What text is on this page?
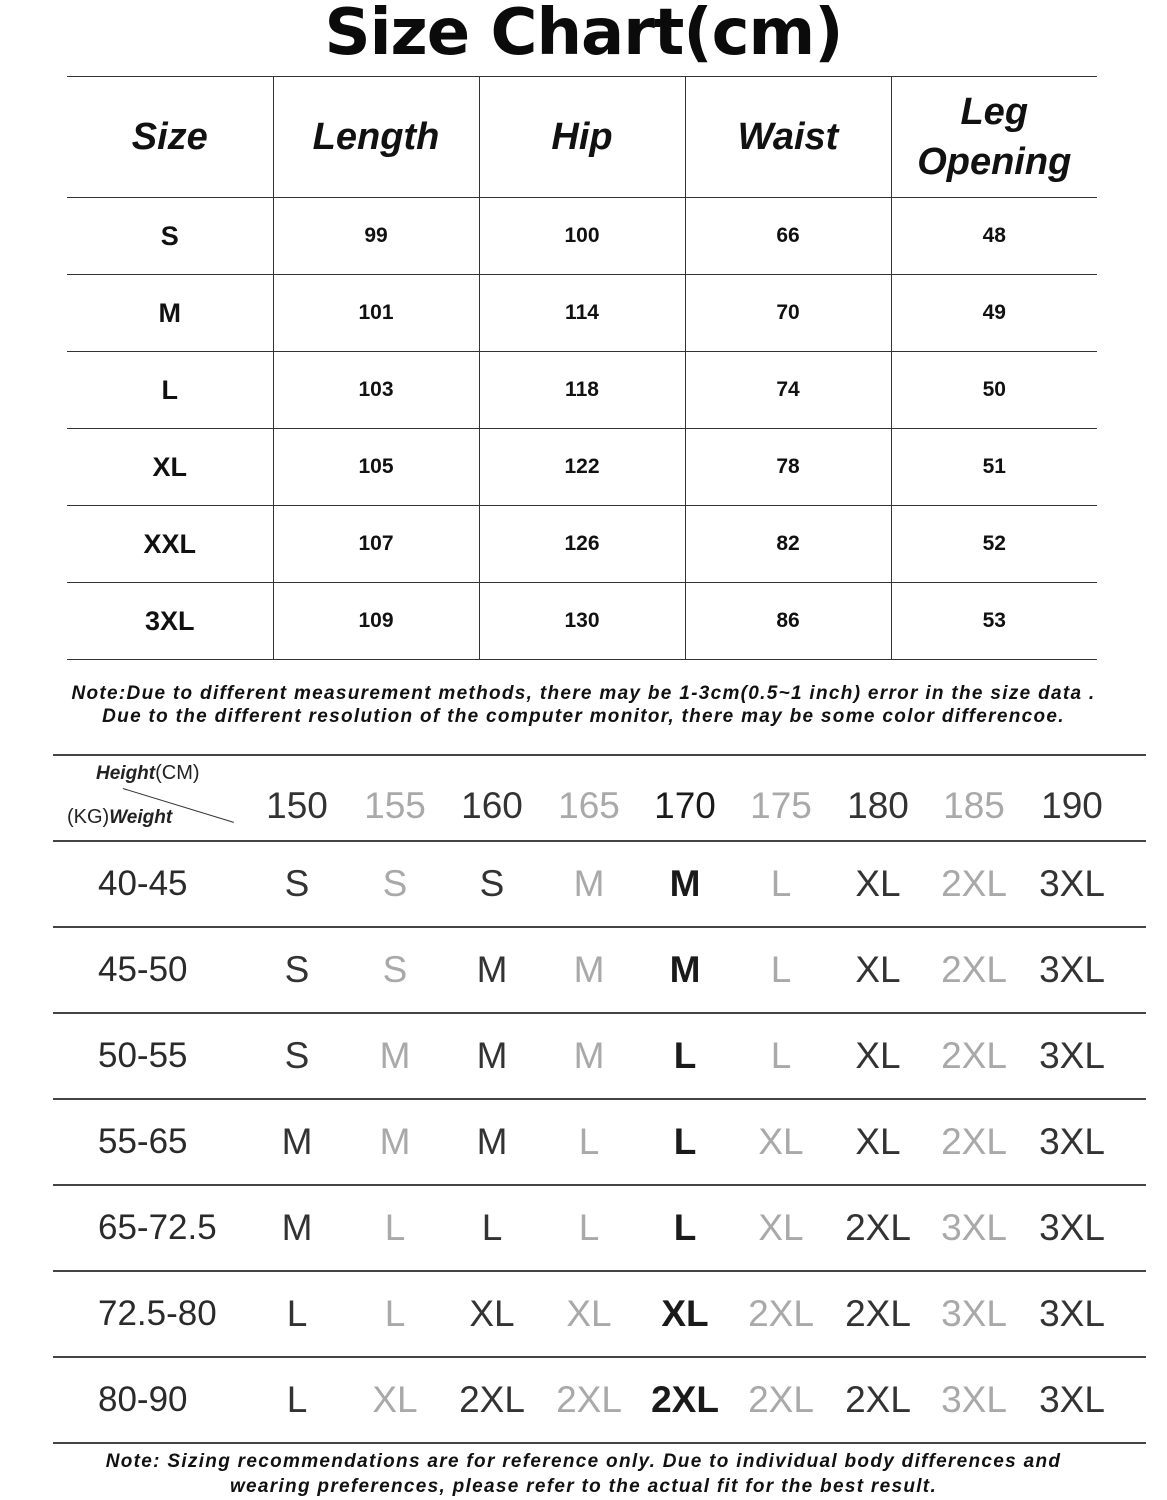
Size Chart(cm)
Size	Length	Hip	Waist	Leg Opening
S	99	100	66	48
M	101	114	70	49
L	103	118	74	50
XL	105	122	78	51
XXL	107	126	82	52
3XL	109	130	86	53
Note:Due to different measurement methods, there may be 1-3cm(0.5~1 inch) error in the size data .
Due to the different resolution of the computer monitor, there may be some color differencoe.
Height(CM)
(KG)Weight	150 155 160 165 170 175 180 185 190
40-45	S	S	S	M	M	L	XL	2XL 3XL
45-50	S	S	M	M	M	L	XL	2XL 3XL
50-55	S	M	M	M	L	L	XL	2XL 3XL
55-65	M	M	M	L	L	XL	XL	2XL 3XL
65-72.5	M	L	L	L	L	XL	2XL 3XL 3XL
72.5-80	L	L	XL	XL	XL	2XL 2XL 3XL 3XL
80-90	L	XL	2XL 2XL 2XL 2XL 2XL 3XL 3XL
Note: Sizing recommendations are for reference only. Due to individual body differences and
wearing preferences, please refer to the actual fit for the best result.
